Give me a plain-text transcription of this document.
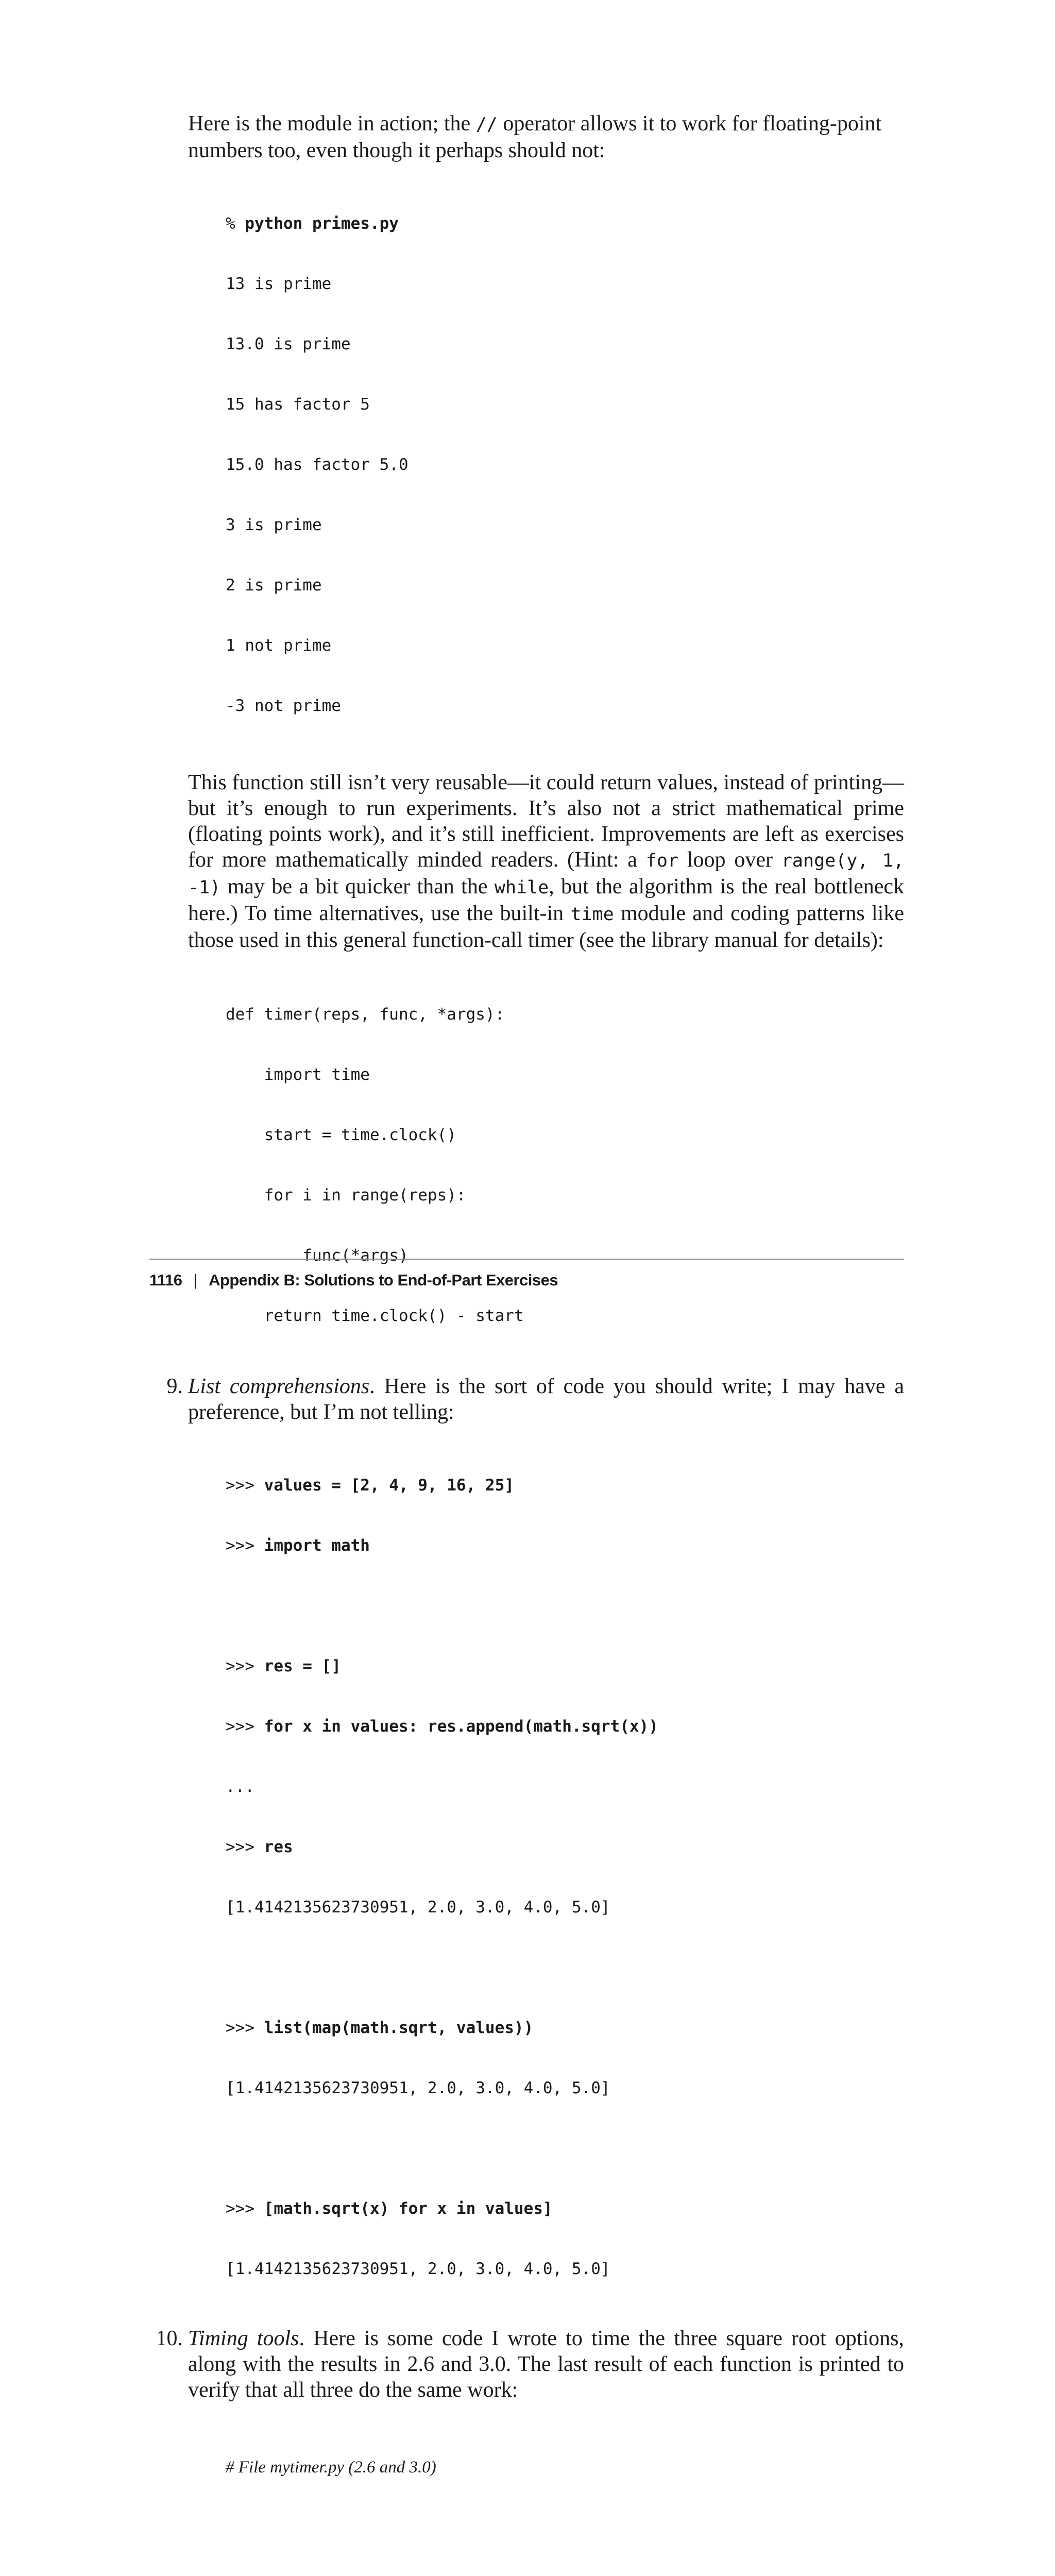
Here is the module in action; the // operator allows it to work for floating-point numbers too, even though it perhaps should not:

% python primes.py

13 is prime

13.0 is prime

15 has factor 5

15.0 has factor 5.0

3 is prime

2 is prime

1 not prime

-3 not prime

This function still isn’t very reusable—it could return values, instead of printing—but it’s enough to run experiments. It’s also not a strict mathematical prime (floating points work), and it’s still inefficient. Improvements are left as exercises for more mathematically minded readers. (Hint: a for loop over range(y, 1, -1) may be a bit quicker than the while, but the algorithm is the real bottleneck here.) To time alternatives, use the built-in time module and coding patterns like those used in this general function-call timer (see the library manual for details):

def timer(reps, func, *args):

import time

start = time.clock()

for i in range(reps):

func(*args)

return time.clock() - start

9. List comprehensions. Here is the sort of code you should write; I may have a preference, but I’m not telling:

>>> values = [2, 4, 9, 16, 25]

>>> import math

>>> res = []

>>> for x in values: res.append(math.sqrt(x))

...

>>> res

[1.4142135623730951, 2.0, 3.0, 4.0, 5.0]

>>> list(map(math.sqrt, values))

[1.4142135623730951, 2.0, 3.0, 4.0, 5.0]

>>> [math.sqrt(x) for x in values]

[1.4142135623730951, 2.0, 3.0, 4.0, 5.0]

10. Timing tools. Here is some code I wrote to time the three square root options, along with the results in 2.6 and 3.0. The last result of each function is printed to verify that all three do the same work:

# File mytimer.py (2.6 and 3.0)

1116 | Appendix B: Solutions to End-of-Part Exercises
